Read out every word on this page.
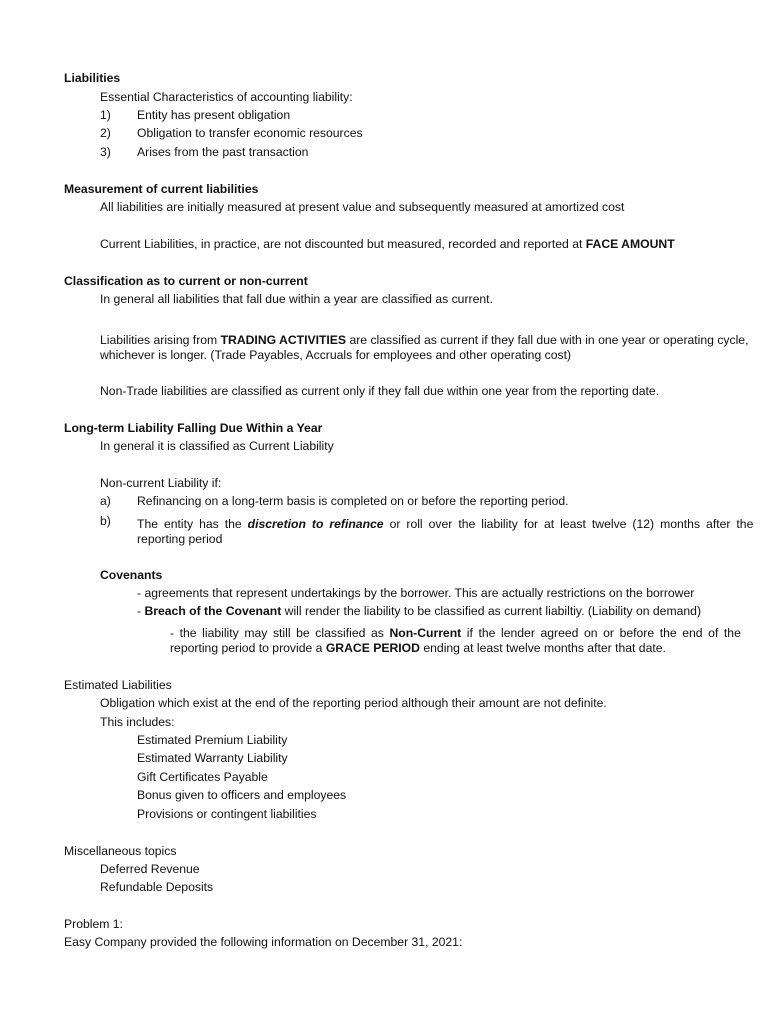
Liabilities
Essential Characteristics of accounting liability:
1) Entity has present obligation
2) Obligation to transfer economic resources
3) Arises from the past transaction
Measurement of current liabilities
All liabilities are initially measured at present value and subsequently measured at amortized cost
Current Liabilities, in practice, are not discounted but measured, recorded and reported at FACE AMOUNT
Classification as to current or non-current
In general all liabilities that fall due within a year are classified as current.
Liabilities arising from TRADING ACTIVITIES are classified as current if they fall due with in one year or operating cycle,
whichever is longer. (Trade Payables, Accruals for employees and other operating cost)
Non-Trade liabilities are classified as current only if they fall due within one year from the reporting date.
Long-term Liability Falling Due Within a Year
In general it is classified as Current Liability
Non-current Liability if:
a) Refinancing on a long-term basis is completed on or before the reporting period.
b) The entity has the discretion to refinance or roll over the liability for at least twelve (12) months after the
reporting period
Covenants
- agreements that represent undertakings by the borrower. This are actually restrictions on the borrower
- Breach of the Covenant will render the liability to be classified as current liabiltiy. (Liability on demand)
- the liability may still be classified as Non-Current if the lender agreed on or before the end of the
reporting period to provide a GRACE PERIOD ending at least twelve months after that date.
Estimated Liabilities
Obligation which exist at the end of the reporting period although their amount are not definite.
This includes:
Estimated Premium Liability
Estimated Warranty Liability
Gift Certificates Payable
Bonus given to officers and employees
Provisions or contingent liabilities
Miscellaneous topics
Deferred Revenue
Refundable Deposits
Problem 1:
Easy Company provided the following information on December 31, 2021:
